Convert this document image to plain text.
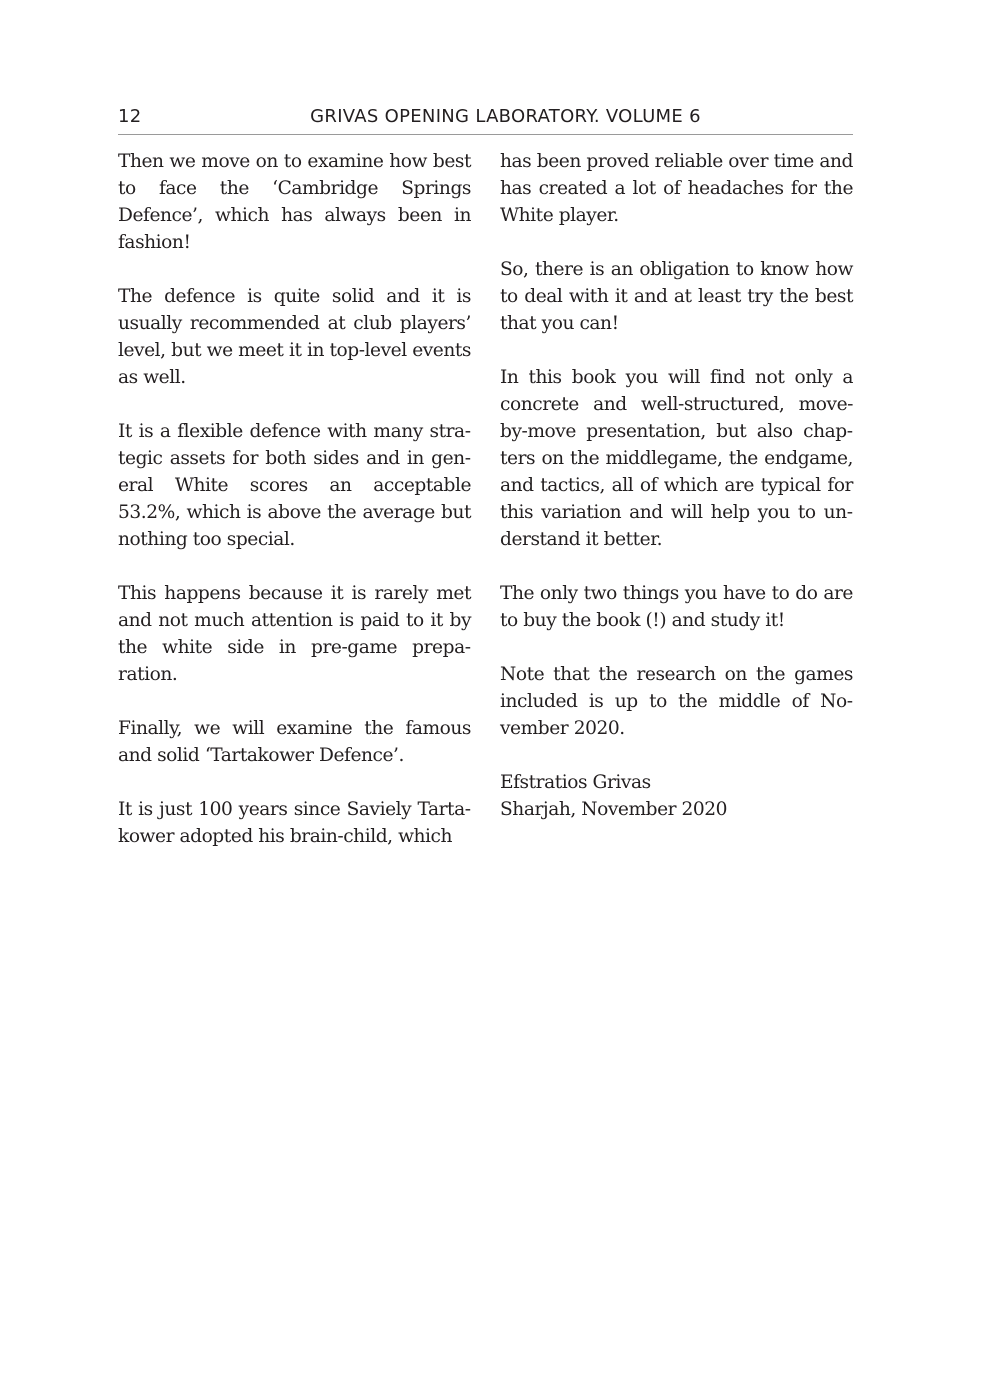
12	GRIVAS OPENING LABORATORY. VOLUME 6

Then we move on to examine how best to face the ‘Cambridge Springs Defence’, which has always been in fashion!

The defence is quite solid and it is usually recommended at club players’ level, but we meet it in top-level events as well.

It is a flexible defence with many strategic assets for both sides and in general White scores an acceptable 53.2%, which is above the average but nothing too special.

This happens because it is rarely met and not much attention is paid to it by the white side in pre-game preparation.

Finally, we will examine the famous and solid ‘Tartakower Defence’.

It is just 100 years since Saviely Tartakower adopted his brain-child, which

has been proved reliable over time and has created a lot of headaches for the White player.

So, there is an obligation to know how to deal with it and at least try the best that you can!

In this book you will find not only a concrete and well-structured, move-by-move presentation, but also chapters on the middlegame, the endgame, and tactics, all of which are typical for this variation and will help you to understand it better.

The only two things you have to do are to buy the book (!) and study it!

Note that the research on the games included is up to the middle of November 2020.

Efstratios Grivas
Sharjah, November 2020
